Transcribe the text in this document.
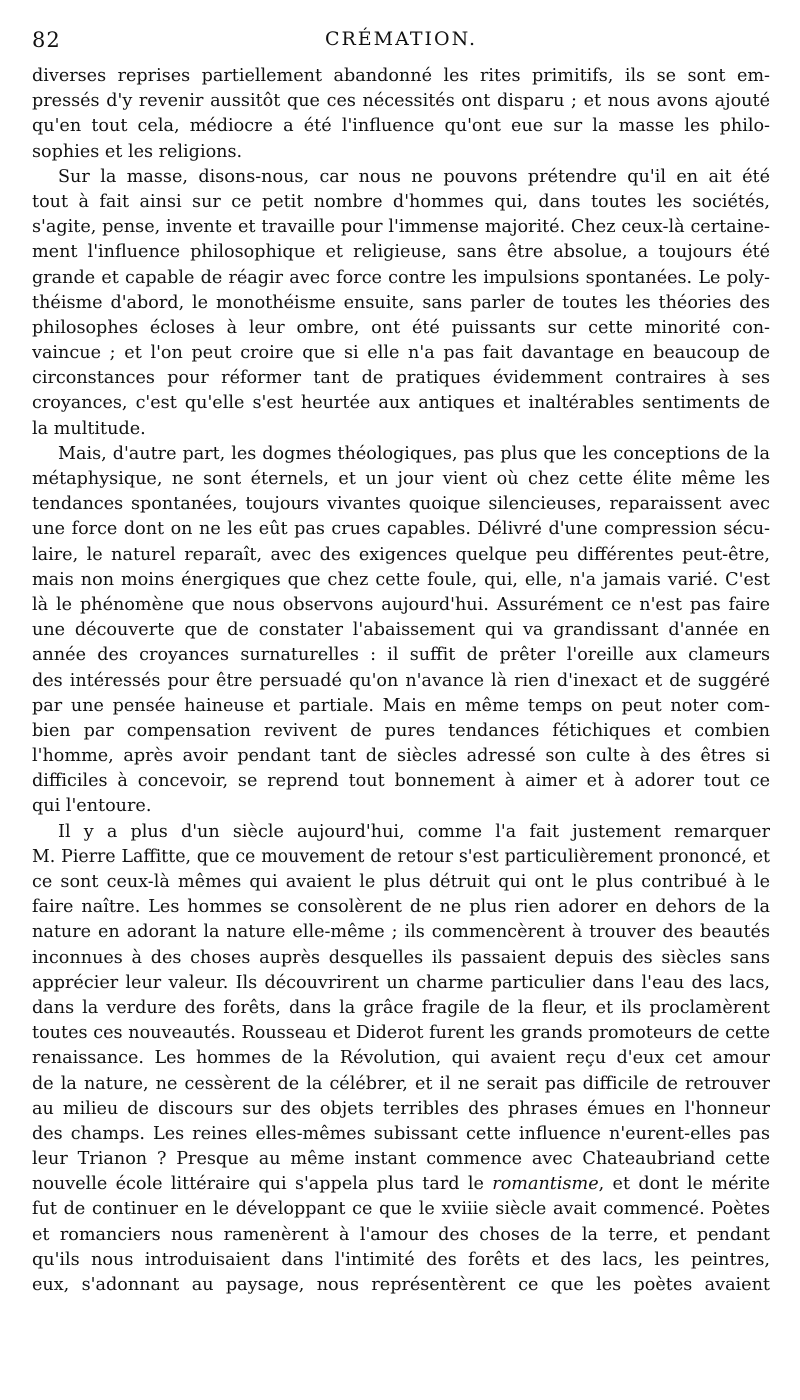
82	CRÉMATION.
diverses reprises partiellement abandonné les rites primitifs, ils se sont em-
pressés d'y revenir aussitôt que ces nécessités ont disparu ; et nous avons ajouté
qu'en tout cela, médiocre a été l'influence qu'ont eue sur la masse les philo-
sophies et les religions.
Sur la masse, disons-nous, car nous ne pouvons prétendre qu'il en ait été
tout à fait ainsi sur ce petit nombre d'hommes qui, dans toutes les sociétés,
s'agite, pense, invente et travaille pour l'immense majorité. Chez ceux-là certaine-
ment l'influence philosophique et religieuse, sans être absolue, a toujours été
grande et capable de réagir avec force contre les impulsions spontanées. Le poly-
théisme d'abord, le monothéisme ensuite, sans parler de toutes les théories des
philosophes écloses à leur ombre, ont été puissants sur cette minorité con-
vaincue ; et l'on peut croire que si elle n'a pas fait davantage en beaucoup de
circonstances pour réformer tant de pratiques évidemment contraires à ses
croyances, c'est qu'elle s'est heurtée aux antiques et inaltérables sentiments de
la multitude.
Mais, d'autre part, les dogmes théologiques, pas plus que les conceptions de la
métaphysique, ne sont éternels, et un jour vient où chez cette élite même les
tendances spontanées, toujours vivantes quoique silencieuses, reparaissent avec
une force dont on ne les eût pas crues capables. Délivré d'une compression sécu-
laire, le naturel reparaît, avec des exigences quelque peu différentes peut-être,
mais non moins énergiques que chez cette foule, qui, elle, n'a jamais varié. C'est
là le phénomène que nous observons aujourd'hui. Assurément ce n'est pas faire
une découverte que de constater l'abaissement qui va grandissant d'année en
année des croyances surnaturelles : il suffit de prêter l'oreille aux clameurs
des intéressés pour être persuadé qu'on n'avance là rien d'inexact et de suggéré
par une pensée haineuse et partiale. Mais en même temps on peut noter com-
bien par compensation revivent de pures tendances fétichiques et combien
l'homme, après avoir pendant tant de siècles adressé son culte à des êtres si
difficiles à concevoir, se reprend tout bonnement à aimer et à adorer tout ce
qui l'entoure.
Il y a plus d'un siècle aujourd'hui, comme l'a fait justement remarquer
M. Pierre Laffitte, que ce mouvement de retour s'est particulièrement prononcé, et
ce sont ceux-là mêmes qui avaient le plus détruit qui ont le plus contribué à le
faire naître. Les hommes se consolèrent de ne plus rien adorer en dehors de la
nature en adorant la nature elle-même ; ils commencèrent à trouver des beautés
inconnues à des choses auprès desquelles ils passaient depuis des siècles sans
apprécier leur valeur. Ils découvrirent un charme particulier dans l'eau des lacs,
dans la verdure des forêts, dans la grâce fragile de la fleur, et ils proclamèrent
toutes ces nouveautés. Rousseau et Diderot furent les grands promoteurs de cette
renaissance. Les hommes de la Révolution, qui avaient reçu d'eux cet amour
de la nature, ne cessèrent de la célébrer, et il ne serait pas difficile de retrouver
au milieu de discours sur des objets terribles des phrases émues en l'honneur
des champs. Les reines elles-mêmes subissant cette influence n'eurent-elles pas
leur Trianon ? Presque au même instant commence avec Chateaubriand cette
nouvelle école littéraire qui s'appela plus tard le romantisme, et dont le mérite
fut de continuer en le développant ce que le xviiie siècle avait commencé. Poètes
et romanciers nous ramenèrent à l'amour des choses de la terre, et pendant
qu'ils nous introduisaient dans l'intimité des forêts et des lacs, les peintres,
eux, s'adonnant au paysage, nous représentèrent ce que les poètes avaient
